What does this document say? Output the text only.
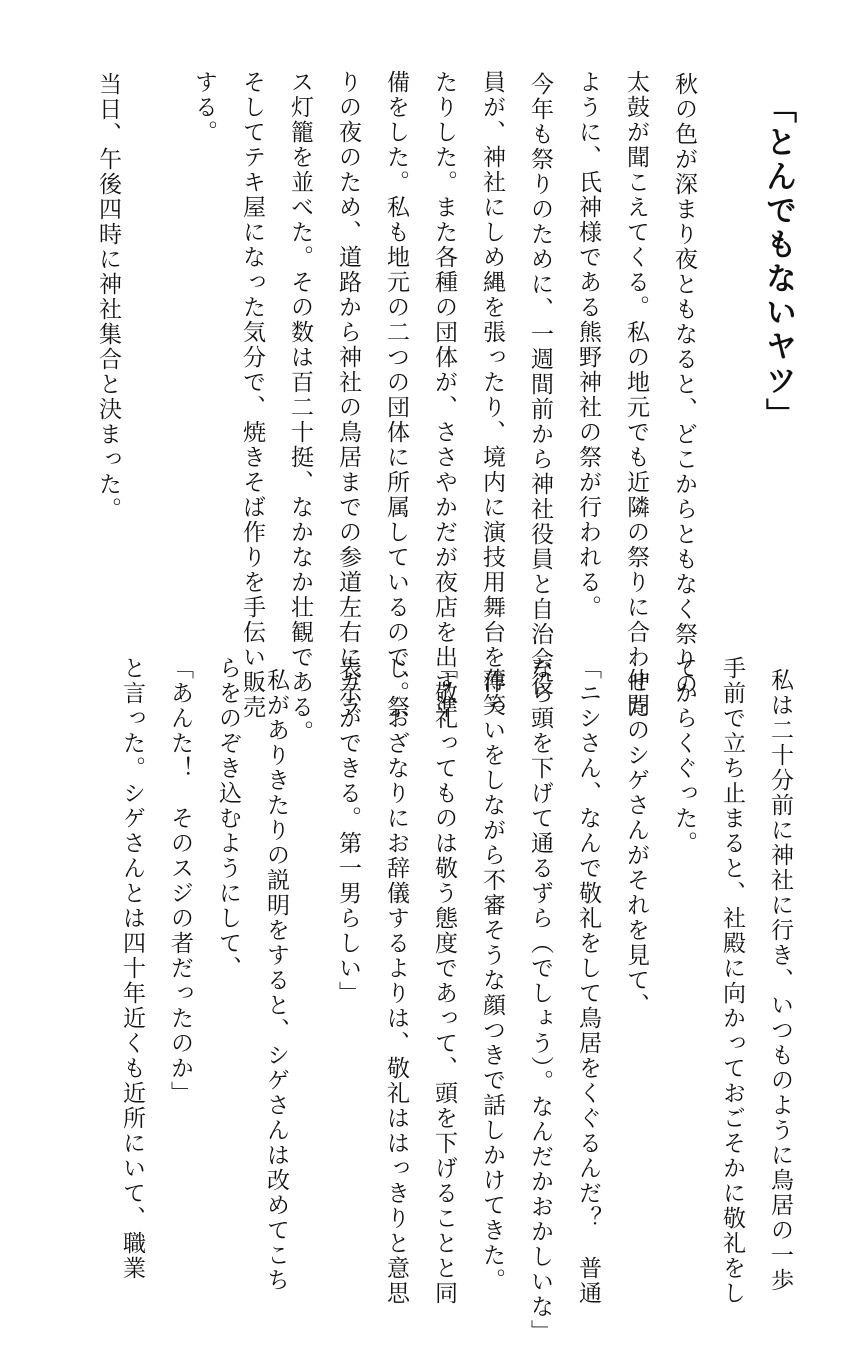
「とんでもないヤツ」
秋の色が深まり夜ともなると、どこからともなく祭りの
太鼓が聞こえてくる。私の地元でも近隣の祭りに合わせた
ように、氏神様である熊野神社の祭が行われる。
今年も祭りのために、一週間前から神社役員と自治会役
員が、神社にしめ縄を張ったり、境内に演技用舞台を作っ
たりした。また各種の団体が、ささやかだが夜店を出す準
備をした。私も地元の二つの団体に所属しているので、祭
りの夜のため、道路から神社の鳥居までの参道左右にガラ
ス灯籠を並べた。その数は百二十挺、なかなか壮観である。
そしてテキ屋になった気分で、焼きそば作りを手伝い販売
する。
当日、午後四時に神社集合と決まった。
私は二十分前に神社に行き、いつものように鳥居の一歩
手前で立ち止まると、社殿に向かっておごそかに敬礼をし
てからくぐった。
仲間のシゲさんがそれを見て、
「ニシさん、なんで敬礼をして鳥居をくぐるんだ？　普通
なら頭を下げて通るずら（でしょう）。なんだかおかしいな」
薄笑いをしながら不審そうな顔つきで話しかけてきた。
「敬礼ってものは敬う態度であって、頭を下げることと同
じ。おざなりにお辞儀するよりは、敬礼ははっきりと意思
表示ができる。第一男らしい」
私がありきたりの説明をすると、シゲさんは改めてこち
らをのぞき込むようにして、
「あんた！　そのスジの者だったのか」
と言った。シゲさんとは四十年近くも近所にいて、職業
